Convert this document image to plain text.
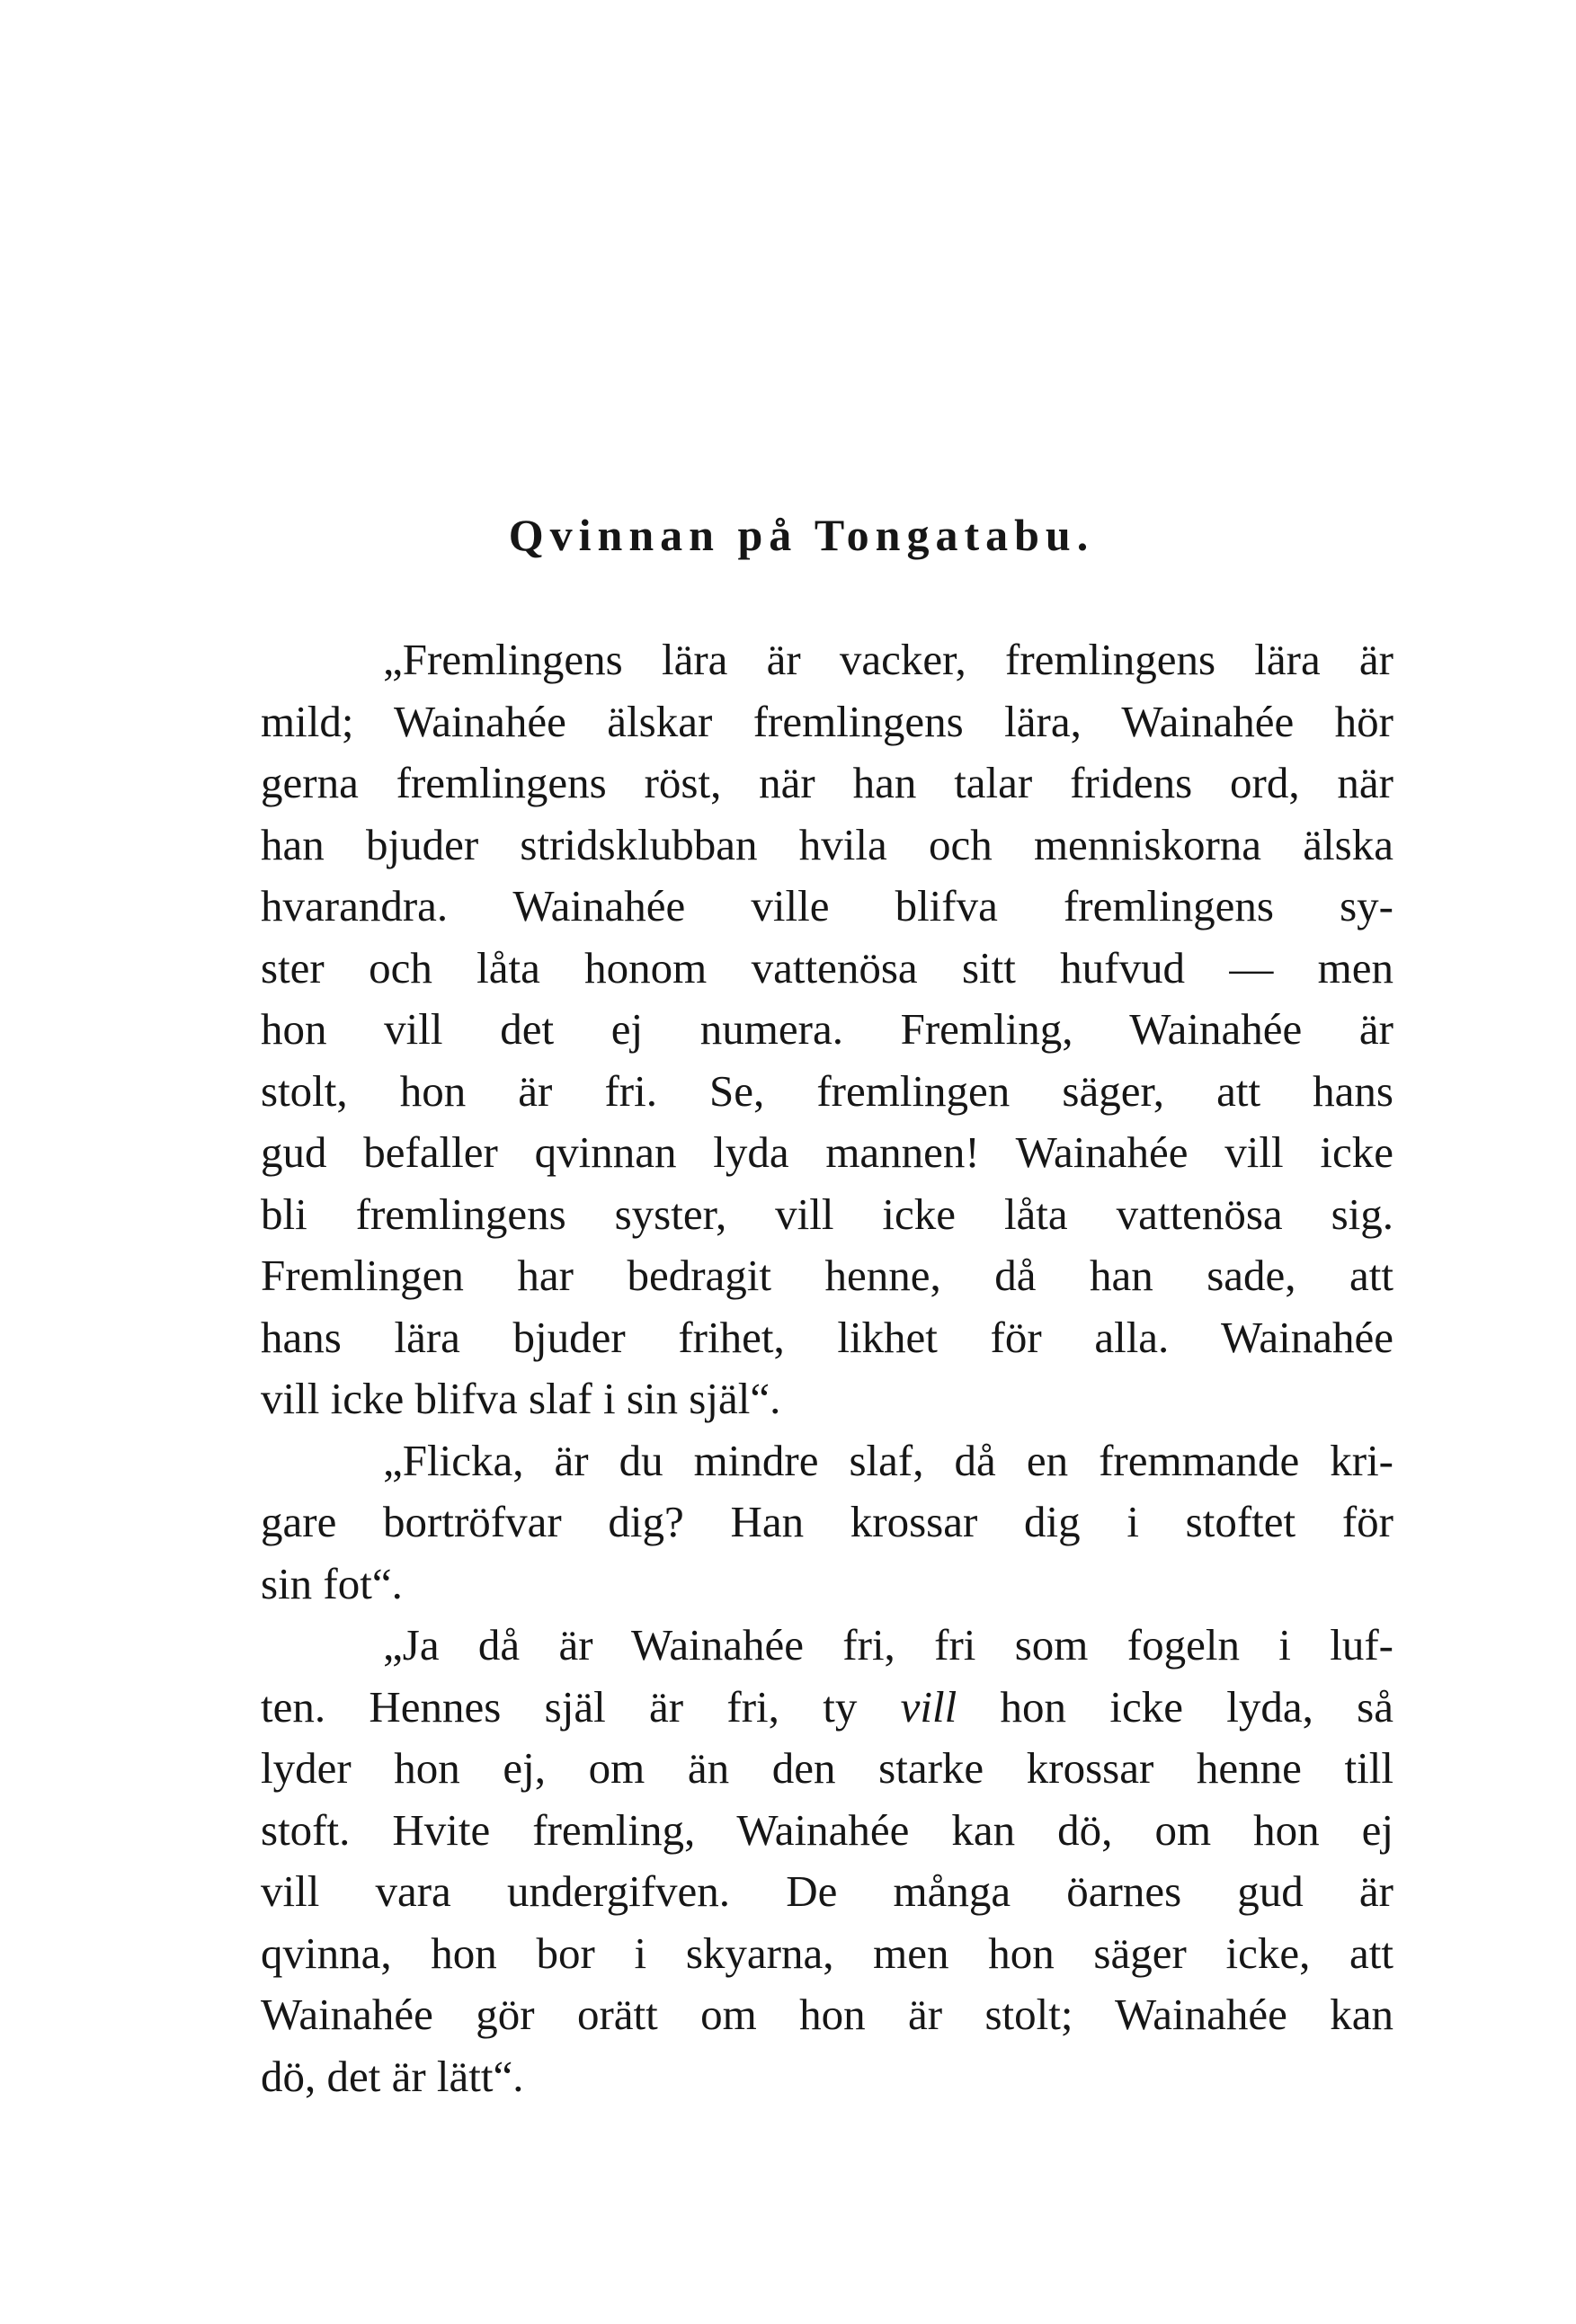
Qvinnan på Tongatabu.
„Fremlingens lära är vacker, fremlingens lära är
mild; Wainahée älskar fremlingens lära, Wainahée hör
gerna fremlingens röst, när han talar fridens ord, när
han bjuder stridsklubban hvila och menniskorna älska
hvarandra. Wainahée ville blifva fremlingens sy-
ster och låta honom vattenösa sitt hufvud — men
hon vill det ej numera. Fremling, Wainahée är
stolt, hon är fri. Se, fremlingen säger, att hans
gud befaller qvinnan lyda mannen! Wainahée vill icke
bli fremlingens syster, vill icke låta vattenösa sig.
Fremlingen har bedragit henne, då han sade, att
hans lära bjuder frihet, likhet för alla. Wainahée
vill icke blifva slaf i sin själ“.
„Flicka, är du mindre slaf, då en fremmande kri-
gare bortröfvar dig? Han krossar dig i stoftet för
sin fot“.
„Ja då är Wainahée fri, fri som fogeln i luf-
ten. Hennes själ är fri, ty vill hon icke lyda, så
lyder hon ej, om än den starke krossar henne till
stoft. Hvite fremling, Wainahée kan dö, om hon ej
vill vara undergifven. De många öarnes gud är
qvinna, hon bor i skyarna, men hon säger icke, att
Wainahée gör orätt om hon är stolt; Wainahée kan
dö, det är lätt“.
